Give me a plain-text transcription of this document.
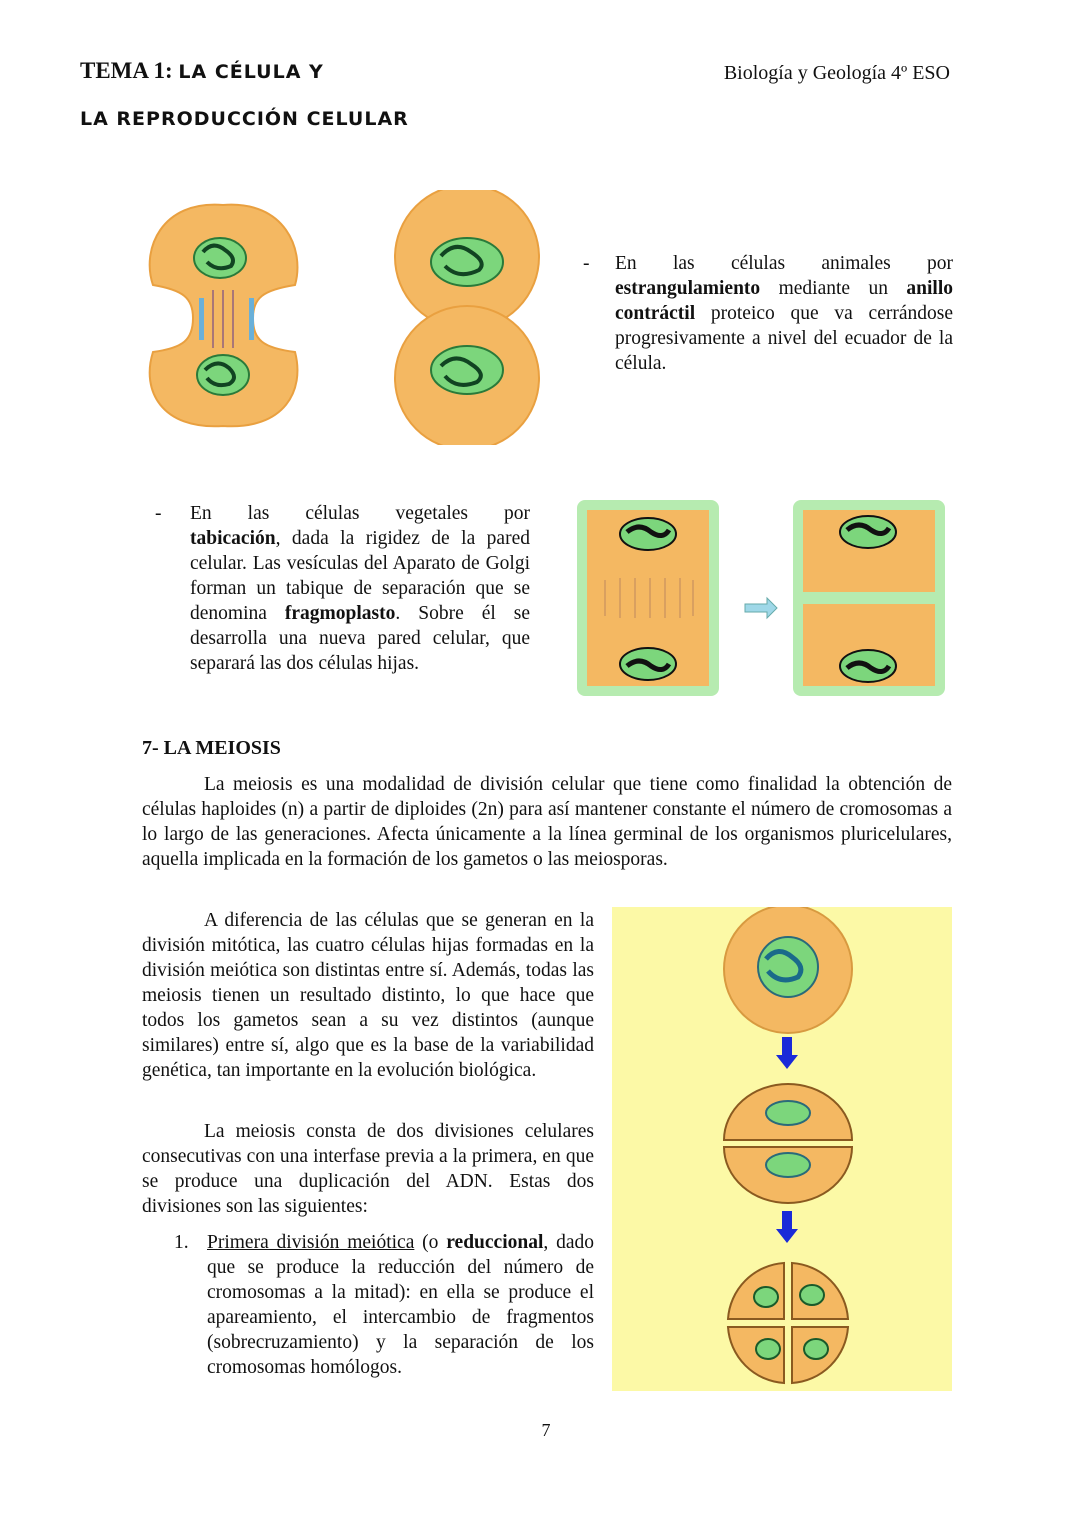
TEMA 1: LA CÉLULA Y
LA REPRODUCCIÓN CELULAR
Biología y Geología 4º ESO
- En las células animales por
estrangulamiento mediante un anillo contráctil proteico que va cerrándose progresivamente a nivel del ecuador de la célula.
- En las células vegetales por
tabicación, dada la rigidez de la pared celular. Las vesículas del Aparato de Golgi forman un tabique de separación que se denomina fragmoplasto. Sobre él se desarrolla una nueva pared celular, que separará las dos células hijas.
7- LA MEIOSIS
La meiosis es una modalidad de división celular que tiene como finalidad la obtención de células haploides (n) a partir de diploides (2n) para así mantener constante el número de cromosomas a lo largo de las generaciones. Afecta únicamente a la línea germinal de los organismos pluricelulares, aquella implicada en la formación de los gametos o las meiosporas.
A diferencia de las células que se generan en la división mitótica, las cuatro células hijas formadas en la división meiótica son distintas entre sí. Además, todas las meiosis tienen un resultado distinto, lo que hace que todos los gametos sean a su vez distintos (aunque similares) entre sí, algo que es la base de la variabilidad genética, tan importante en la evolución biológica.
La meiosis consta de dos divisiones celulares consecutivas con una interfase previa a la primera, en que se produce una duplicación del ADN. Estas dos divisiones son las siguientes:
1. Primera división meiótica (o reduccional, dado que se produce la reducción del número de cromosomas a la mitad): en ella se produce el apareamiento, el intercambio de fragmentos (sobrecruzamiento) y la separación de los cromosomas homólogos.
7
